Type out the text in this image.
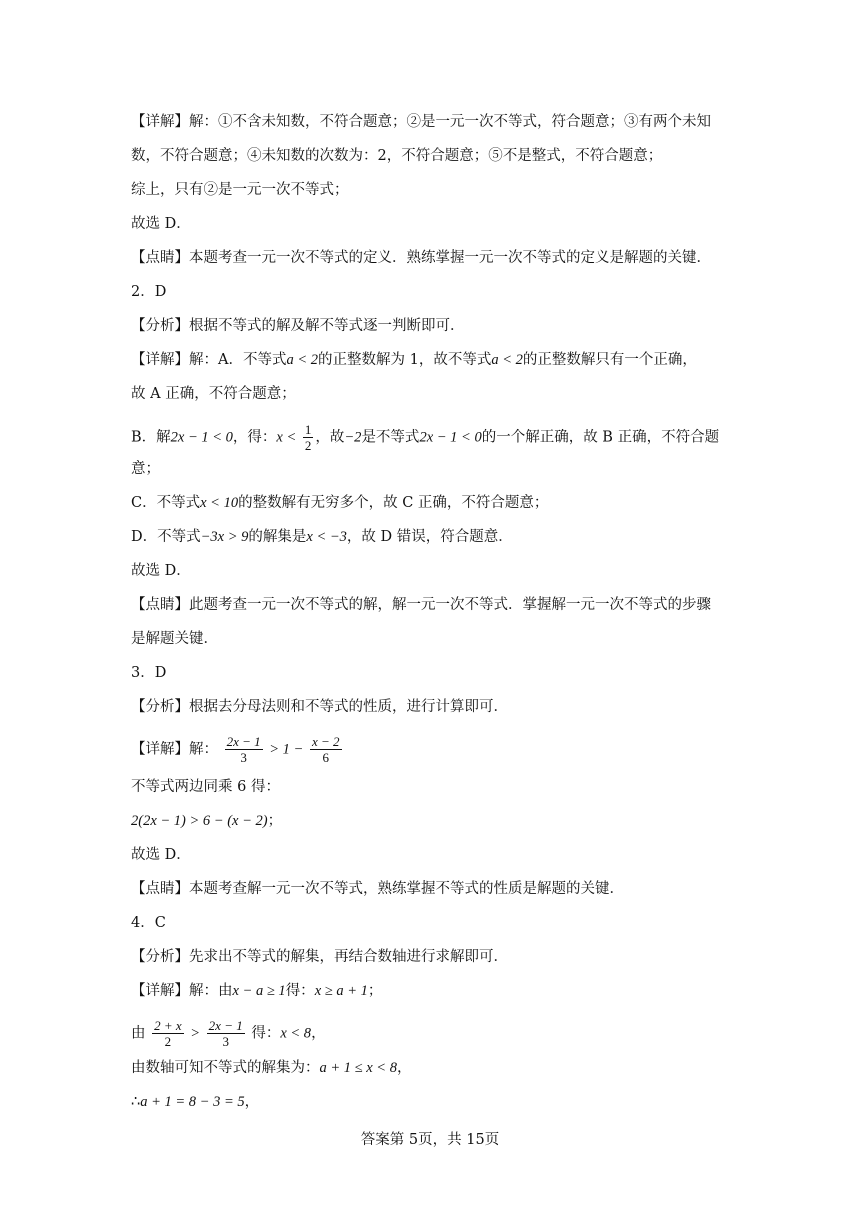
【详解】解：①不含未知数，不符合题意；②是一元一次不等式，符合题意；③有两个未知
数，不符合题意；④未知数的次数为：2，不符合题意；⑤不是整式，不符合题意；
综上，只有②是一元一次不等式；
故选 D．
【点睛】本题考查一元一次不等式的定义．熟练掌握一元一次不等式的定义是解题的关键．
2．D
【分析】根据不等式的解及解不等式逐一判断即可．
【详解】解：A．不等式a < 2的正整数解为 1，故不等式a < 2的正整数解只有一个正确，
故 A 正确，不符合题意；
B．解2x − 1 < 0，得：$x < \frac{1}{2}$ ，故−2是不等式2x − 1 < 0的一个解正确，故 B 正确，不符合题
意；
C．不等式x < 10的整数解有无穷多个，故 C 正确，不符合题意；
D．不等式−3x > 9的解集是x < −3，故 D 错误，符合题意．
故选 D．
【点睛】此题考查一元一次不等式的解，解一元一次不等式．掌握解一元一次不等式的步骤
是解题关键．
3．D
【分析】根据去分母法则和不等式的性质，进行计算即可．
【详解】解： $\frac{2x - 1}{3} > 1 - \frac{x - 2}{6}$
不等式两边同乘 6 得：
2(2x − 1) > 6 − (x − 2)；
故选 D．
【点睛】本题考查解一元一次不等式，熟练掌握不等式的性质是解题的关键．
4．C
【分析】先求出不等式的解集，再结合数轴进行求解即可．
【详解】解：由x − a ≥ 1得：x ≥ a + 1；
由 $\frac{2 + x}{2} > \frac{2x - 1}{3}$ 得：x < 8，
由数轴可知不等式的解集为：a + 1 ≤ x < 8，
∴a + 1 = 8 − 3 = 5，
答案第 5页，共 15页
